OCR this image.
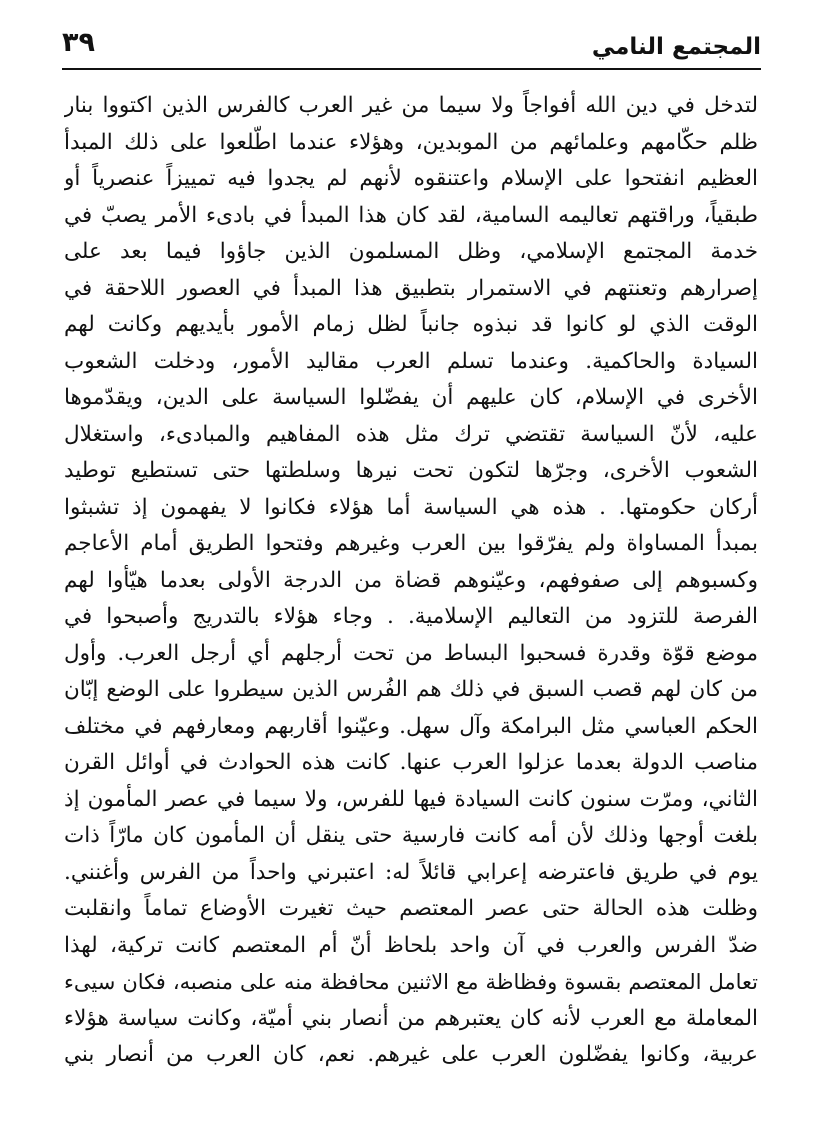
المجتمع النامي
٣٩
لتدخل في دين الله أفواجاً ولا سيما من غير العرب كالفرس الذين اكتووا بنار
ظلم حكّامهم وعلمائهم من الموبدين، وهؤلاء عندما اطّلعوا على ذلك المبدأ
العظيم انفتحوا على الإسلام واعتنقوه لأنهم لم يجدوا فيه تمييزاً عنصرياً أو
طبقياً، وراقتهم تعاليمه السامية، لقد كان هذا المبدأ في بادىء الأمر يصبّ في
خدمة المجتمع الإسلامي، وظل المسلمون الذين جاؤوا فيما بعد على
إصرارهم وتعنتهم في الاستمرار بتطبيق هذا المبدأ في العصور اللاحقة في
الوقت الذي لو كانوا قد نبذوه جانباً لظل زمام الأمور بأيديهم وكانت لهم
السيادة والحاكمية. وعندما تسلم العرب مقاليد الأمور، ودخلت الشعوب
الأخرى في الإسلام، كان عليهم أن يفضّلوا السياسة على الدين، ويقدّموها
عليه، لأنّ السياسة تقتضي ترك مثل هذه المفاهيم والمبادىء، واستغلال
الشعوب الأخرى، وجرّها لتكون تحت نيرها وسلطتها حتى تستطيع توطيد
أركان حكومتها. . هذه هي السياسة أما هؤلاء فكانوا لا يفهمون إذ تشبثوا
بمبدأ المساواة ولم يفرّقوا بين العرب وغيرهم وفتحوا الطريق أمام الأعاجم
وكسبوهم إلى صفوفهم، وعيّنوهم قضاة من الدرجة الأولى بعدما هيّأوا لهم
الفرصة للتزود من التعاليم الإسلامية. . وجاء هؤلاء بالتدريج وأصبحوا في
موضع قوّة وقدرة فسحبوا البساط من تحت أرجلهم أي أرجل العرب. وأول
من كان لهم قصب السبق في ذلك هم الفُرس الذين سيطروا على الوضع إبّان
الحكم العباسي مثل البرامكة وآل سهل. وعيّنوا أقاربهم ومعارفهم في مختلف
مناصب الدولة بعدما عزلوا العرب عنها. كانت هذه الحوادث في أوائل القرن
الثاني، ومرّت سنون كانت السيادة فيها للفرس، ولا سيما في عصر المأمون إذ
بلغت أوجها وذلك لأن أمه كانت فارسية حتى ينقل أن المأمون كان مارّاً ذات
يوم في طريق فاعترضه إعرابي قائلاً له: اعتبرني واحداً من الفرس وأغنني.
وظلت هذه الحالة حتى عصر المعتصم حيث تغيرت الأوضاع تماماً وانقلبت
ضدّ الفرس والعرب في آن واحد بلحاظ أنّ أم المعتصم كانت تركية، لهذا
تعامل المعتصم بقسوة وفظاظة مع الاثنين محافظة منه على منصبه، فكان سيىء
المعاملة مع العرب لأنه كان يعتبرهم من أنصار بني أميّة، وكانت سياسة هؤلاء
عربية، وكانوا يفضّلون العرب على غيرهم. نعم، كان العرب من أنصار بني
